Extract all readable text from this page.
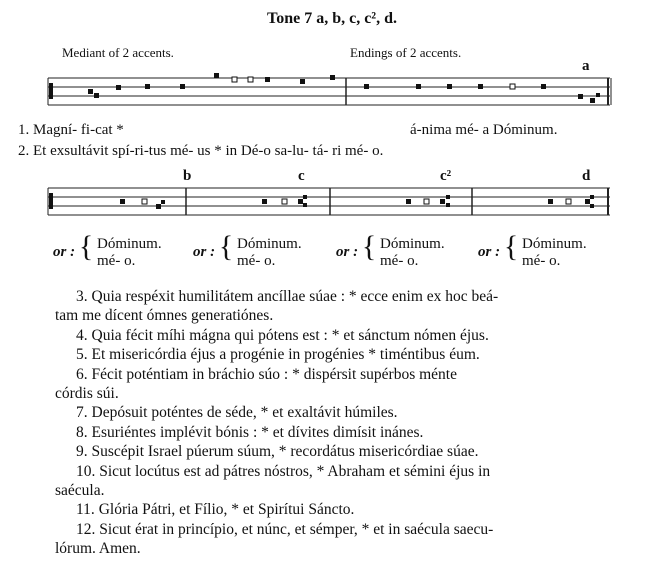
Tone 7 a, b, c, c², d.
Mediant of 2 accents.	Endings of 2 accents.
a
1. Magní- fi-cat *	á-nima mé- a Dóminum.
2. Et exsultávit spí-ri-tus mé- us * in Dé-o sa-lu- tá- ri mé- o.
b	c	c²	d
or : { Dóminum.
mé- o.
or : { Dóminum.
mé- o.
or : { Dóminum.
mé- o.
or : { Dóminum.
mé- o.
3. Quia respéxit humilitátem ancíllae súae : * ecce enim ex hoc beá-
tam me dícent ómnes generatiónes.
4. Quia fécit míhi mágna qui pótens est : * et sánctum nómen éjus.
5. Et misericórdia éjus a progénie in progénies * timéntibus éum.
6. Fécit poténtiam in bráchio súo : * dispérsit supérbos ménte
córdis súi.
7. Depósuit poténtes de séde, * et exaltávit húmiles.
8. Esuriéntes implévit bónis : * et dívites dimísit inánes.
9. Suscépit Israel púerum súum, * recordátus misericórdiae súae.
10. Sicut locútus est ad pátres nóstros, * Abraham et sémini éjus in
saécula.
11. Glória Pátri, et Fílio, * et Spirítui Sáncto.
12. Sicut érat in princípio, et núnc, et sémper, * et in saécula saecu-
lórum. Amen.
